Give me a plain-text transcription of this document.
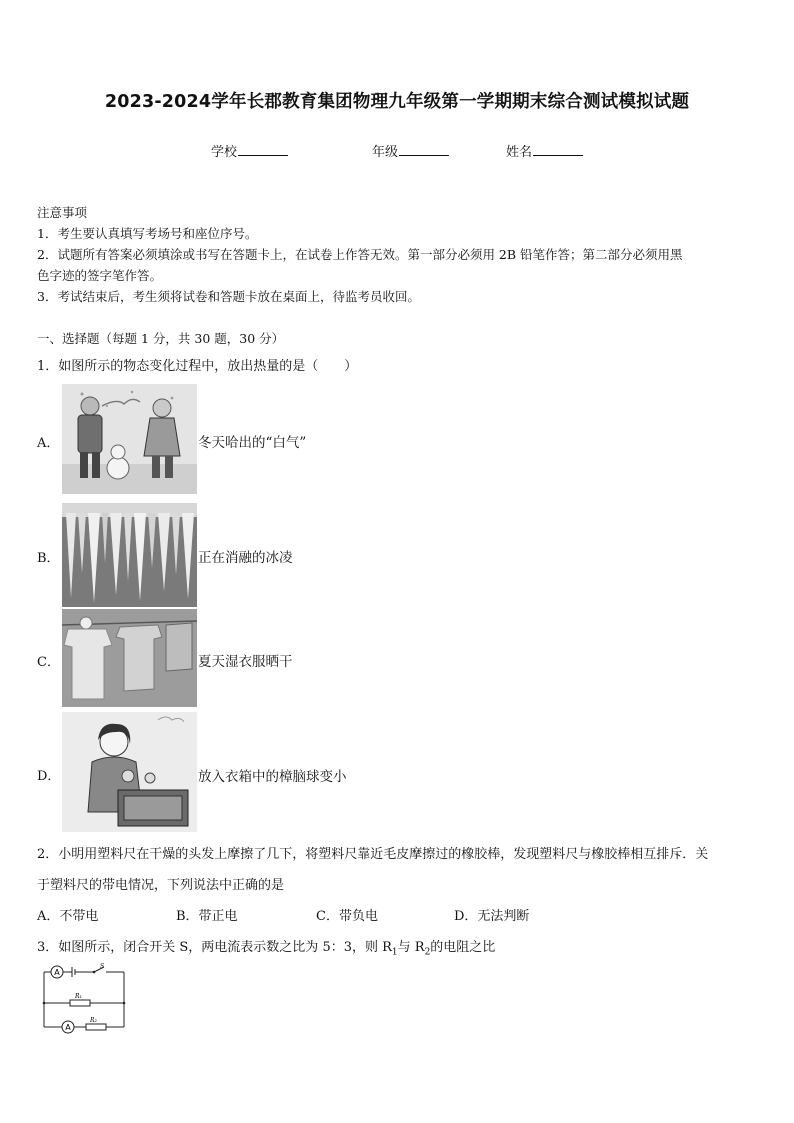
2023-2024学年长郡教育集团物理九年级第一学期期末综合测试模拟试题
学校	年级	姓名
注意事项
1．考生要认真填写考场号和座位序号。
2．试题所有答案必须填涂或书写在答题卡上，在试卷上作答无效。第一部分必须用 2B 铅笔作答；第二部分必须用黑
色字迹的签字笔作答。
3．考试结束后，考生须将试卷和答题卡放在桌面上，待监考员收回。
一、选择题（每题 1 分，共 30 题，30 分）
1．如图所示的物态变化过程中，放出热量的是（　　）
A．	冬天哈出的“白气”
B．	正在消融的冰凌
C．	夏天湿衣服晒干
D．	放入衣箱中的樟脑球变小
2．小明用塑料尺在干燥的头发上摩擦了几下，将塑料尺靠近毛皮摩擦过的橡胶棒，发现塑料尺与橡胶棒相互排斥．关
于塑料尺的带电情况，下列说法中正确的是
A．不带电	B．带正电	C．带负电	D．无法判断
3．如图所示，闭合开关 S，两电流表示数之比为 5：3，则 $R_1$与 $R_2$的电阻之比
A
A
S
R₁
R₂
